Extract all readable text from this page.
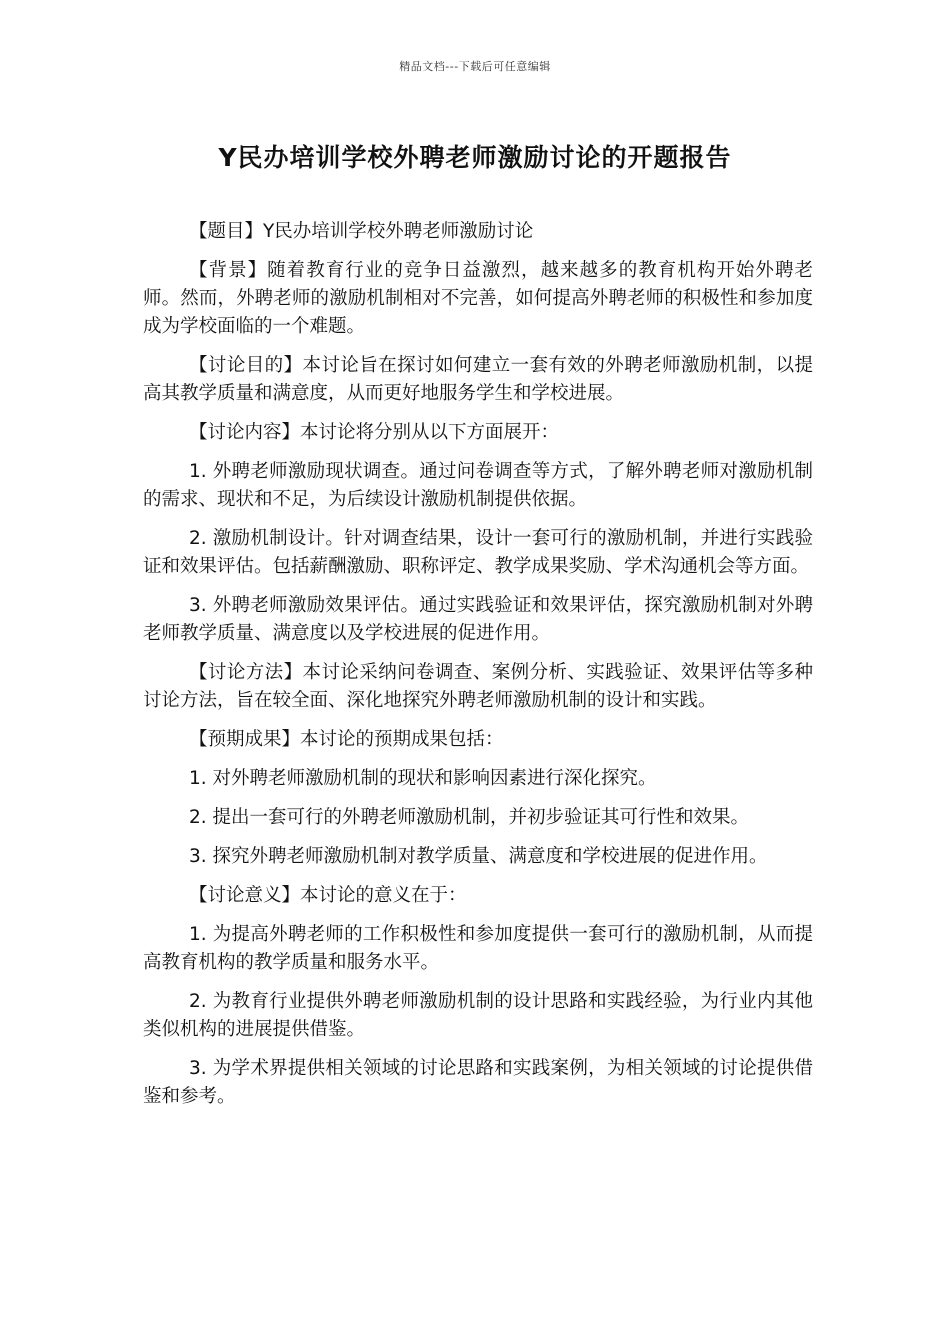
精品文档---下载后可任意编辑
Y民办培训学校外聘老师激励讨论的开题报告

【题目】Y民办培训学校外聘老师激励讨论

【背景】随着教育行业的竞争日益激烈，越来越多的教育机构开始外聘老师。然而，外聘老师的激励机制相对不完善，如何提高外聘老师的积极性和参加度成为学校面临的一个难题。

【讨论目的】本讨论旨在探讨如何建立一套有效的外聘老师激励机制，以提高其教学质量和满意度，从而更好地服务学生和学校进展。

【讨论内容】本讨论将分别从以下方面展开：

1. 外聘老师激励现状调查。通过问卷调查等方式，了解外聘老师对激励机制的需求、现状和不足，为后续设计激励机制提供依据。

2. 激励机制设计。针对调查结果，设计一套可行的激励机制，并进行实践验证和效果评估。包括薪酬激励、职称评定、教学成果奖励、学术沟通机会等方面。

3. 外聘老师激励效果评估。通过实践验证和效果评估，探究激励机制对外聘老师教学质量、满意度以及学校进展的促进作用。

【讨论方法】本讨论采纳问卷调查、案例分析、实践验证、效果评估等多种讨论方法，旨在较全面、深化地探究外聘老师激励机制的设计和实践。

【预期成果】本讨论的预期成果包括：

1. 对外聘老师激励机制的现状和影响因素进行深化探究。

2. 提出一套可行的外聘老师激励机制，并初步验证其可行性和效果。

3. 探究外聘老师激励机制对教学质量、满意度和学校进展的促进作用。

【讨论意义】本讨论的意义在于：

1. 为提高外聘老师的工作积极性和参加度提供一套可行的激励机制，从而提高教育机构的教学质量和服务水平。

2. 为教育行业提供外聘老师激励机制的设计思路和实践经验，为行业内其他类似机构的进展提供借鉴。

3. 为学术界提供相关领域的讨论思路和实践案例，为相关领域的讨论提供借鉴和参考。
